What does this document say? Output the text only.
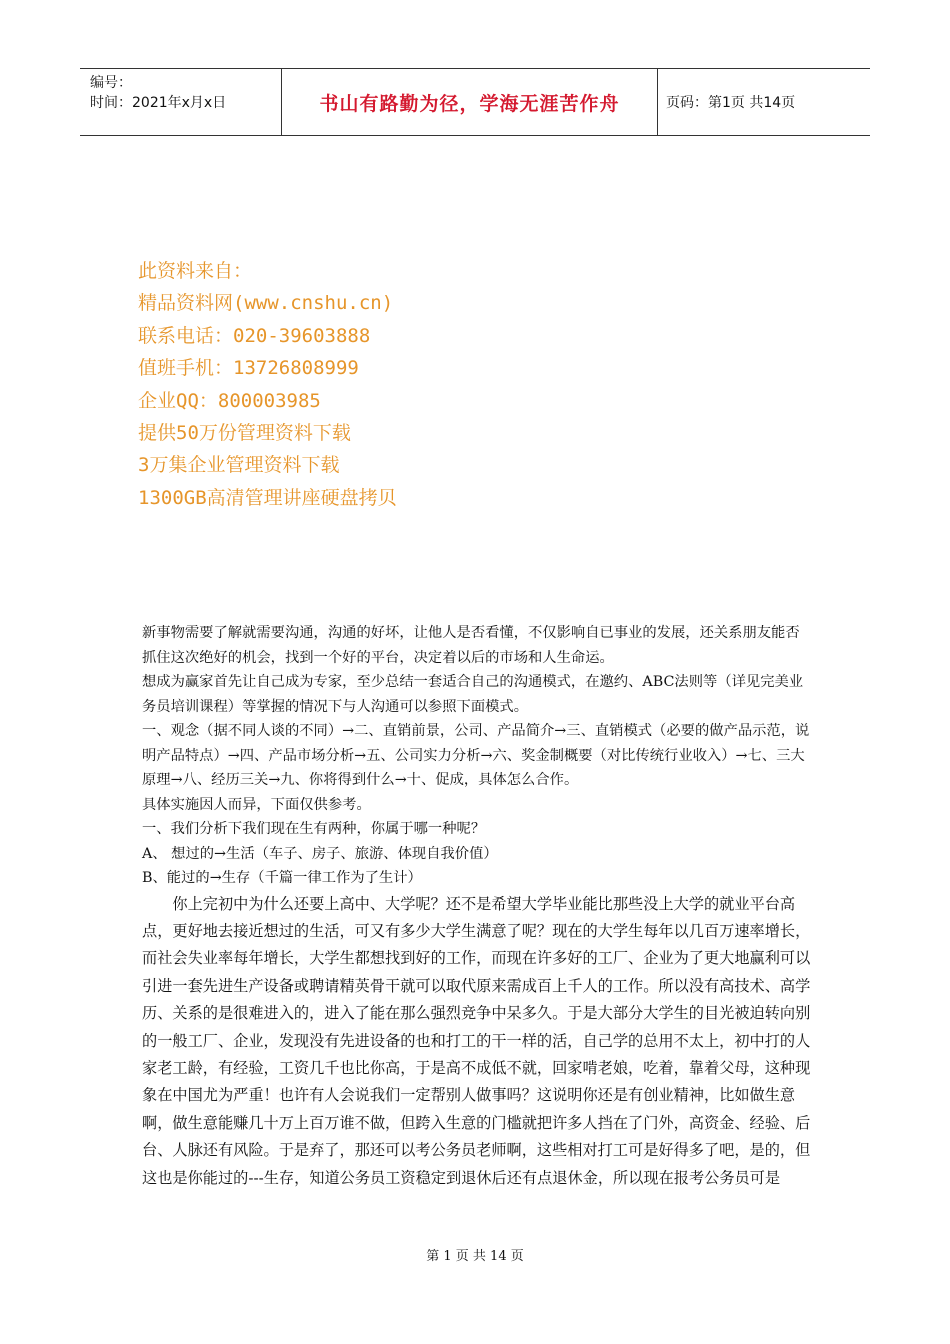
编号：
时间：2021年x月x日	书山有路勤为径，学海无涯苦作舟	页码：第1页 共14页
此资料来自：
精品资料网(www.cnshu.cn)
联系电话：020-39603888
值班手机：13726808999
企业QQ：800003985
提供50万份管理资料下载
3万集企业管理资料下载
1300GB高清管理讲座硬盘拷贝

新事物需要了解就需要沟通，沟通的好坏，让他人是否看懂，不仅影响自已事业的发展，还关系朋友能否抓住这次绝好的机会，找到一个好的平台，决定着以后的市场和人生命运。

想成为赢家首先让自己成为专家，至少总结一套适合自己的沟通模式，在邀约、ABC法则等（详见完美业务员培训课程）等掌握的情况下与人沟通可以参照下面模式。

一、观念（据不同人谈的不同）→二、直销前景，公司、产品简介→三、直销模式（必要的做产品示范，说明产品特点）→四、产品市场分析→五、公司实力分析→六、奖金制概要（对比传统行业收入）→七、三大原理→八、经历三关→九、你将得到什么→十、促成，具体怎么合作。

具体实施因人而异，下面仅供参考。

一、我们分析下我们现在生有两种，你属于哪一种呢？

A、 想过的→生活（车子、房子、旅游、体现自我价值）

B、能过的→生存（千篇一律工作为了生计）

你上完初中为什么还要上高中、大学呢？还不是希望大学毕业能比那些没上大学的就业平台高点，更好地去接近想过的生活，可又有多少大学生满意了呢？现在的大学生每年以几百万速率增长，而社会失业率每年增长，大学生都想找到好的工作，而现在许多好的工厂、企业为了更大地赢利可以引进一套先进生产设备或聘请精英骨干就可以取代原来需成百上千人的工作。所以没有高技术、高学历、关系的是很难进入的，进入了能在那么强烈竞争中呆多久。于是大部分大学生的目光被迫转向别的一般工厂、企业，发现没有先进设备的也和打工的干一样的活，自己学的总用不太上，初中打的人家老工龄，有经验，工资几千也比你高，于是高不成低不就，回家啃老娘，吃着，靠着父母，这种现象在中国尤为严重！也许有人会说我们一定帮别人做事吗？这说明你还是有创业精神，比如做生意啊，做生意能赚几十万上百万谁不做，但跨入生意的门槛就把许多人挡在了门外，高资金、经验、后台、人脉还有风险。于是弃了，那还可以考公务员老师啊，这些相对打工可是好得多了吧，是的，但这也是你能过的---生存，知道公务员工资稳定到退休后还有点退休金，所以现在报考公务员可是

第 1 页 共 14 页
